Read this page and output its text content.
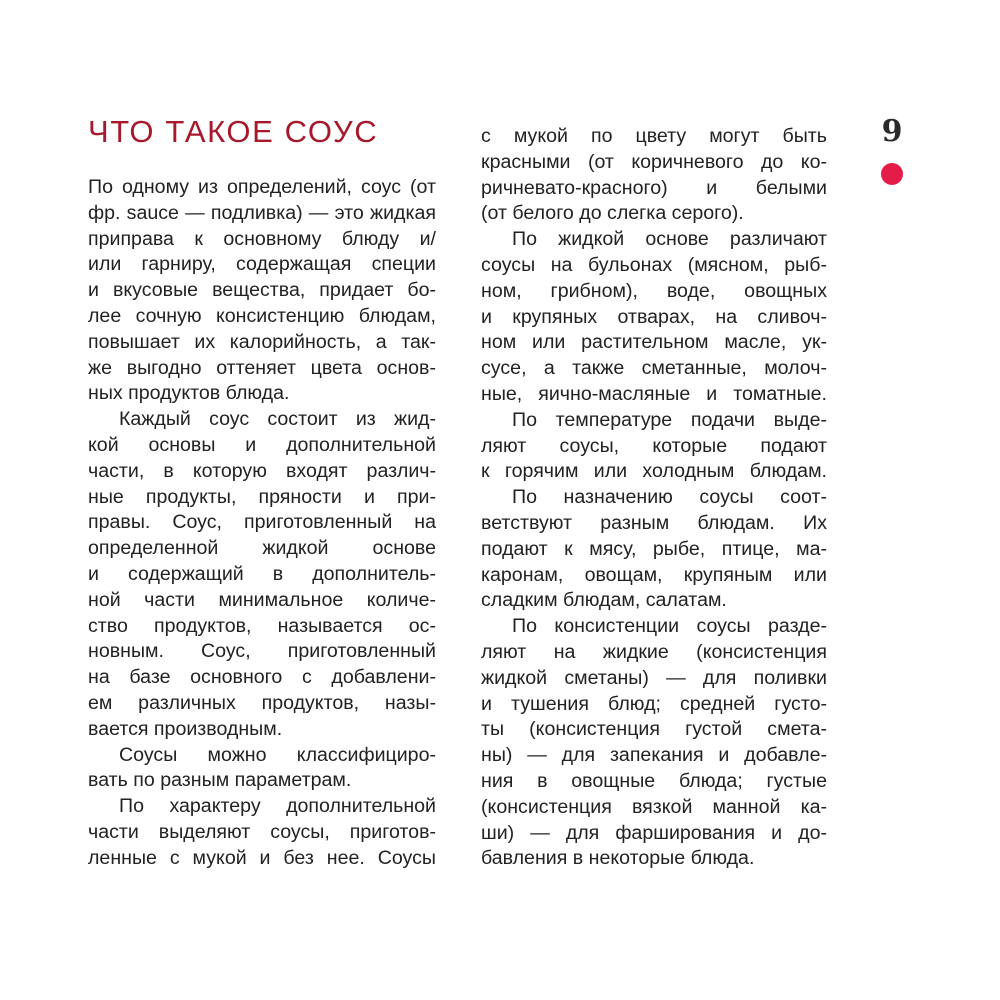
ЧТО ТАКОЕ СОУС
По одному из определений, соус (от
фр. sauce — подливка) — это жидкая
приправа к основному блюду и/
или гарниру, содержащая специи
и вкусовые вещества, придает бо-
лее сочную консистенцию блюдам,
повышает их калорийность, а так-
же выгодно оттеняет цвета основ-
ных продуктов блюда.
Каждый соус состоит из жид-
кой основы и дополнительной
части, в которую входят различ-
ные продукты, пряности и при-
правы. Соус, приготовленный на
определенной жидкой основе
и содержащий в дополнитель-
ной части минимальное количе-
ство продуктов, называется ос-
новным. Соус, приготовленный
на базе основного с добавлени-
ем различных продуктов, назы-
вается производным.
Соусы можно классифициро-
вать по разным параметрам.
По характеру дополнительной
части выделяют соусы, приготов-
ленные с мукой и без нее. Соусы
с мукой по цвету могут быть
красными (от коричневого до ко-
ричневато-красного) и белыми
(от белого до слегка серого).
По жидкой основе различают
соусы на бульонах (мясном, рыб-
ном, грибном), воде, овощных
и крупяных отварах, на сливоч-
ном или растительном масле, ук-
сусе, а также сметанные, молоч-
ные, яично-масляные и томатные.
По температуре подачи выде-
ляют соусы, которые подают
к горячим или холодным блюдам.
По назначению соусы соот-
ветствуют разным блюдам. Их
подают к мясу, рыбе, птице, ма-
каронам, овощам, крупяным или
сладким блюдам, салатам.
По консистенции соусы разде-
ляют на жидкие (консистенция
жидкой сметаны) — для поливки
и тушения блюд; средней густо-
ты (консистенция густой смета-
ны) — для запекания и добавле-
ния в овощные блюда; густые
(консистенция вязкой манной ка-
ши) — для фарширования и до-
бавления в некоторые блюда.
9
